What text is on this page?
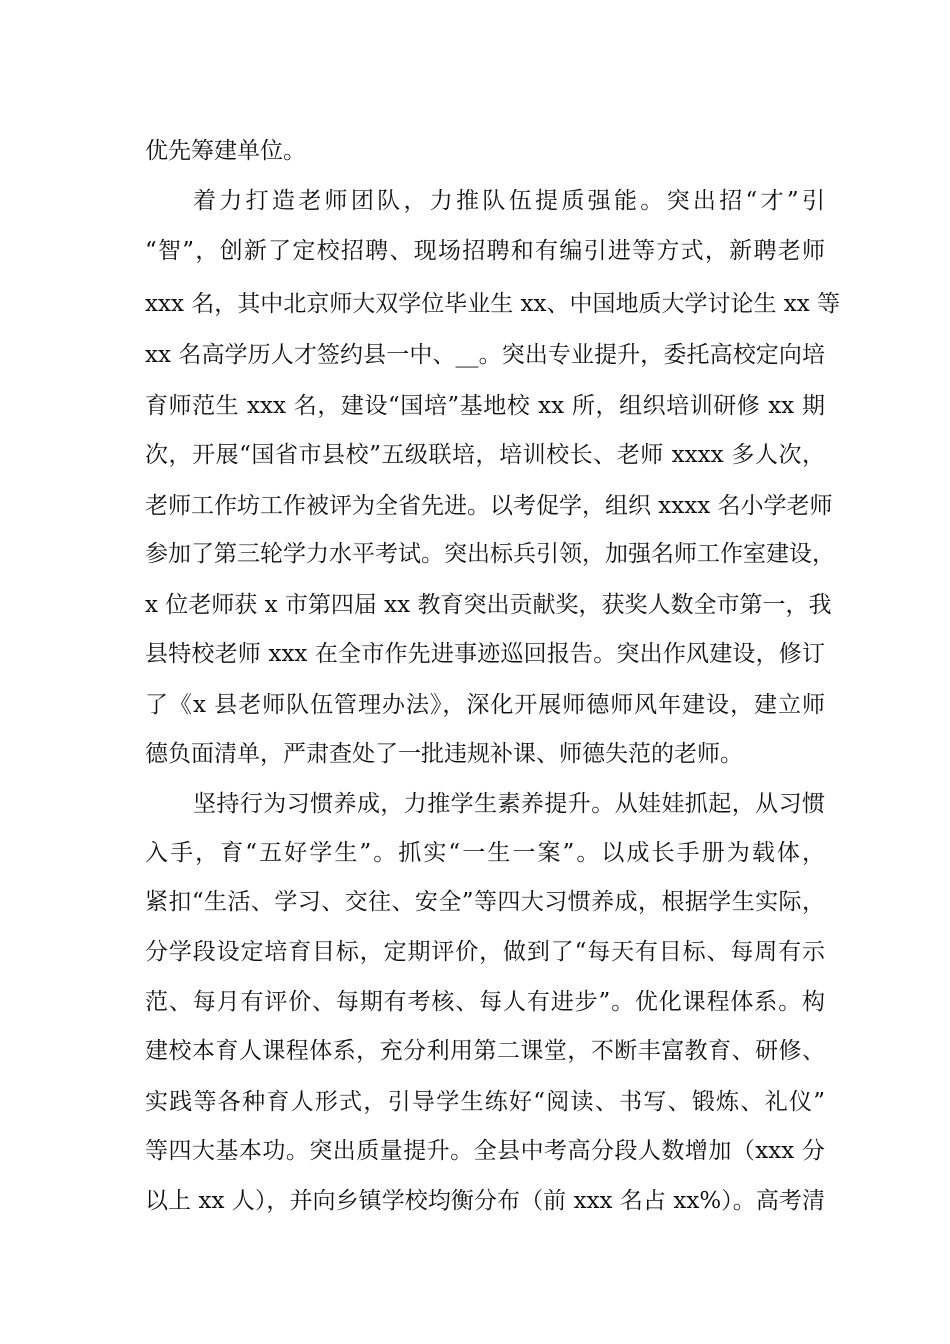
优先筹建单位。
着力打造老师团队，力推队伍提质强能。突出招“才”引
“智”，创新了定校招聘、现场招聘和有编引进等方式，新聘老师
xxx 名，其中北京师大双学位毕业生 xx、中国地质大学讨论生 xx 等
xx 名高学历人才签约县一中、__。突出专业提升，委托高校定向培
育师范生 xxx 名，建设“国培”基地校 xx 所，组织培训研修 xx 期
次，开展“国省市县校”五级联培，培训校长、老师 xxxx 多人次，
老师工作坊工作被评为全省先进。以考促学，组织 xxxx 名小学老师
参加了第三轮学力水平考试。突出标兵引领，加强名师工作室建设，
x 位老师获 x 市第四届 xx 教育突出贡献奖，获奖人数全市第一，我
县特校老师 xxx 在全市作先进事迹巡回报告。突出作风建设，修订
了《x 县老师队伍管理办法》，深化开展师德师风年建设，建立师
德负面清单，严肃查处了一批违规补课、师德失范的老师。
坚持行为习惯养成，力推学生素养提升。从娃娃抓起，从习惯
入手，育“五好学生”。抓实“一生一案”。以成长手册为载体，
紧扣“生活、学习、交往、安全”等四大习惯养成，根据学生实际，
分学段设定培育目标，定期评价，做到了“每天有目标、每周有示
范、每月有评价、每期有考核、每人有进步”。优化课程体系。构
建校本育人课程体系，充分利用第二课堂，不断丰富教育、研修、
实践等各种育人形式，引导学生练好“阅读、书写、锻炼、礼仪”
等四大基本功。突出质量提升。全县中考高分段人数增加（xxx 分
以上 xx 人），并向乡镇学校均衡分布（前 xxx 名占 xx%）。高考清
